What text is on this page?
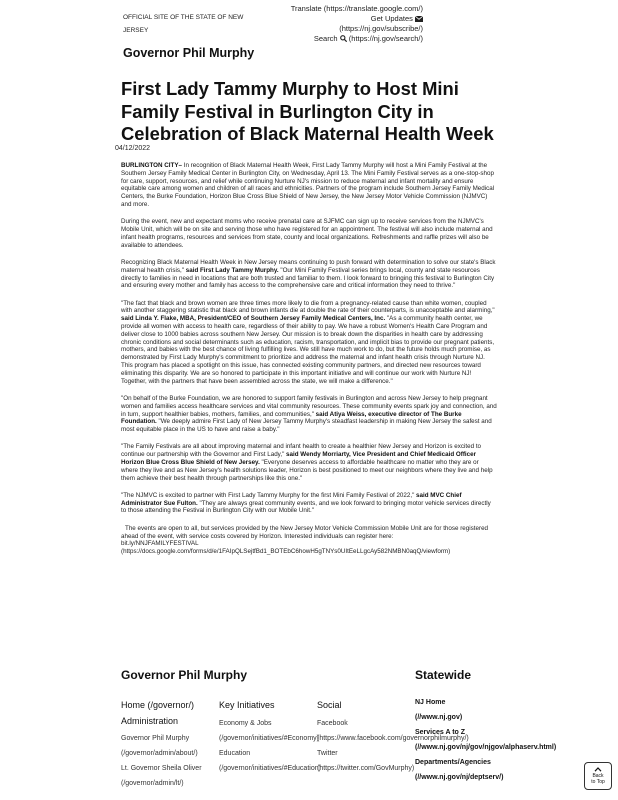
OFFICIAL SITE OF THE STATE OF NEW
JERSEY
Translate (https://translate.google.com/)
Get Updates
(https://nj.gov/subscribe/)
Search (https://nj.gov/search/)
Governor Phil Murphy
First Lady Tammy Murphy to Host Mini Family Festival in Burlington City in Celebration of Black Maternal Health Week
04/12/2022

BURLINGTON CITY– In recognition of Black Maternal Health Week, First Lady Tammy Murphy will host a Mini Family Festival at the Southern Jersey Family Medical Center in Burlington City, on Wednesday, April 13. The Mini Family Festival serves as a one-stop-shop for care, support, resources, and relief while continuing Nurture NJ's mission to reduce maternal and infant mortality and ensure equitable care among women and children of all races and ethnicities. Partners of the program include Southern Jersey Family Medical Centers, the Burke Foundation, Horizon Blue Cross Blue Shield of New Jersey, the New Jersey Motor Vehicle Commission (NJMVC) and more.

During the event, new and expectant moms who receive prenatal care at SJFMC can sign up to receive services from the NJMVC's Mobile Unit, which will be on site and serving those who have registered for an appointment. The festival will also include maternal and infant health programs, resources and services from state, county and local organizations. Refreshments and raffle prizes will also be available to attendees.

Recognizing Black Maternal Health Week in New Jersey means continuing to push forward with determination to solve our state's Black maternal health crisis," said First Lady Tammy Murphy. "Our Mini Family Festival series brings local, county and state resources directly to families in need in locations that are both trusted and familiar to them. I look forward to bringing this festival to Burlington City and ensuring every mother and family has access to the comprehensive care and critical information they need to thrive."

"The fact that black and brown women are three times more likely to die from a pregnancy-related cause than white women, coupled with another staggering statistic that black and brown infants die at double the rate of their counterparts, is unacceptable and alarming," said Linda Y. Flake, MBA, President/CEO of Southern Jersey Family Medical Centers, Inc. "As a community health center, we provide all women with access to health care, regardless of their ability to pay. We have a robust Women's Health Care Program and deliver close to 1000 babies across southern New Jersey. Our mission is to break down the disparities in health care by addressing chronic conditions and social determinants such as education, racism, transportation, and implicit bias to provide our pregnant patients, mothers, and babies with the best chance of living fulfilling lives. We still have much work to do, but the future holds much promise, as demonstrated by First Lady Murphy's commitment to prioritize and address the maternal and infant health crisis through Nurture NJ. This program has placed a spotlight on this issue, has connected existing community partners, and directed new resources toward eliminating this disparity. We are so honored to participate in this important initiative and will continue our work with Nurture NJ! Together, with the partners that have been assembled across the state, we will make a difference."

"On behalf of the Burke Foundation, we are honored to support family festivals in Burlington and across New Jersey to help pregnant women and families access healthcare services and vital community resources. These community events spark joy and connection, and in turn, support healthier babies, mothers, families, and communities," said Atiya Weiss, executive director of The Burke Foundation. "We deeply admire First Lady of New Jersey Tammy Murphy's steadfast leadership in making New Jersey the safest and most equitable place in the US to have and raise a baby."

"The Family Festivals are all about improving maternal and infant health to create a healthier New Jersey and Horizon is excited to continue our partnership with the Governor and First Lady," said Wendy Morriarty, Vice President and Chief Medicaid Officer Horizon Blue Cross Blue Shield of New Jersey. "Everyone deserves access to affordable healthcare no matter who they are or where they live and as New Jersey's health solutions leader, Horizon is best positioned to meet our neighbors where they live and help them achieve their best health through partnerships like this one."

"The NJMVC is excited to partner with First Lady Tammy Murphy for the first Mini Family Festival of 2022," said MVC Chief Administrator Sue Fulton. "They are always great community events, and we look forward to bringing motor vehicle services directly to those attending the Festival in Burlington City with our Mobile Unit."

The events are open to all, but services provided by the New Jersey Motor Vehicle Commission Mobile Unit are for those registered ahead of the event, with service costs covered by Horizon. Interested individuals can register here:
bit.ly/NNJFAMILYFESTIVAL
(https://docs.google.com/forms/d/e/1FAIpQLSejtfBd1_BOTEbC6howH5gTNYs0UItEeLLgcAy582NMBN0aqQ/viewform)

Governor Phil Murphy	Statewide
Home (/governor/)
Administration
Governor Phil Murphy
(/governor/admin/about/)
Lt. Governor Sheila Oliver
(/governor/admin/lt/)
Key Initiatives
Economy & Jobs
(/governor/initiatives/#Economy)
Education
(/governor/initiatives/#Education)
Social
Facebook
(https://www.facebook.com/governorphilmurphy/)
Twitter
(https://twitter.com/GovMurphy)
NJ Home
(//www.nj.gov)
Services A to Z
(//www.nj.gov/nj/gov/njgov/alphaserv.html)
Departments/Agencies
(//www.nj.gov/nj/deptserv/)	Back
to Top
